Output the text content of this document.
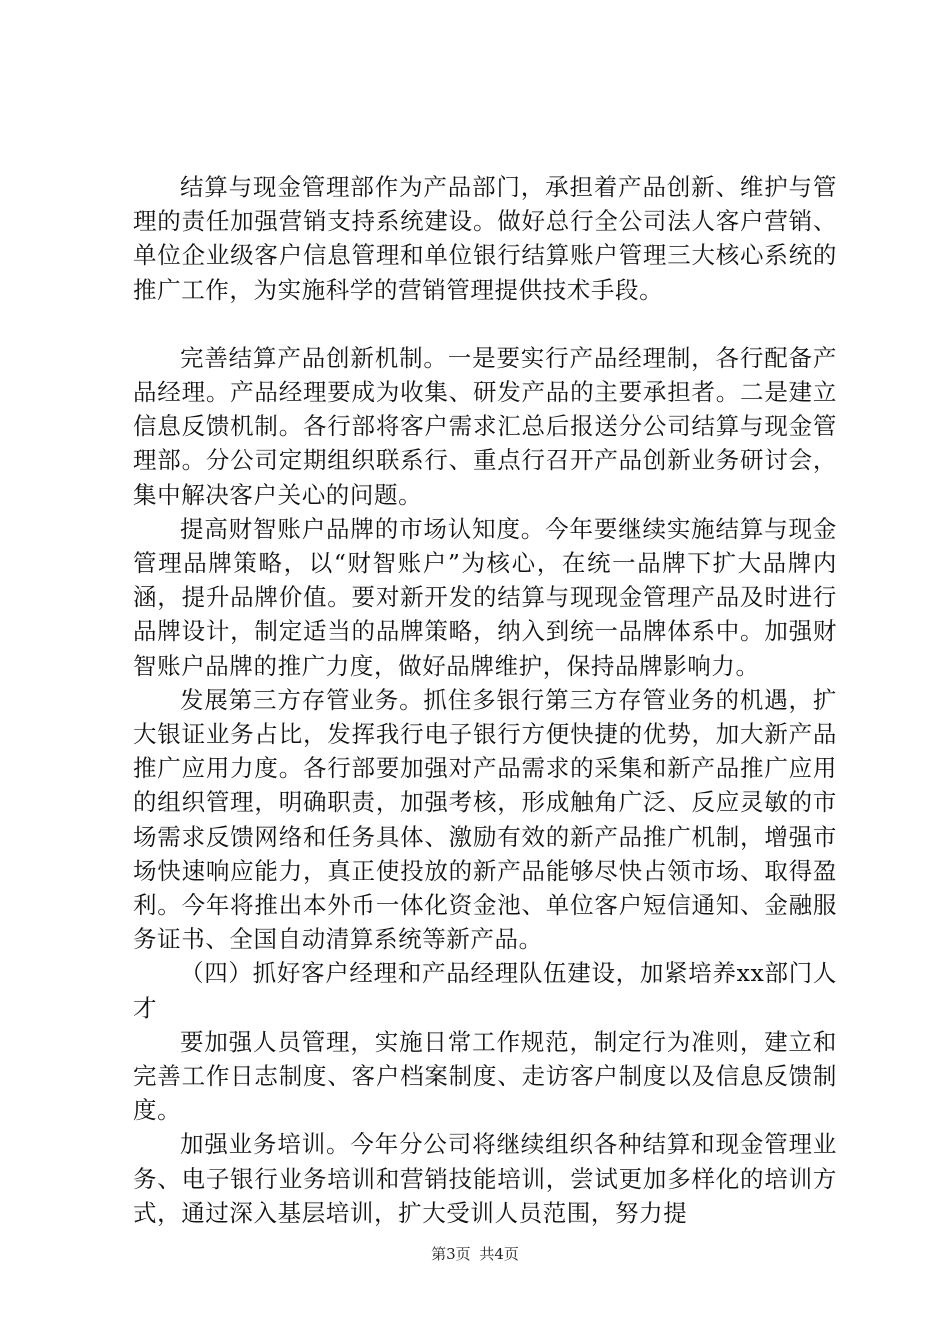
结算与现金管理部作为产品部门，承担着产品创新、维护与管理的责任加强营销支持系统建设。做好总行全公司法人客户营销、单位企业级客户信息管理和单位银行结算账户管理三大核心系统的推广工作，为实施科学的营销管理提供技术手段。

完善结算产品创新机制。一是要实行产品经理制，各行配备产品经理。产品经理要成为收集、研发产品的主要承担者。二是建立信息反馈机制。各行部将客户需求汇总后报送分公司结算与现金管理部。分公司定期组织联系行、重点行召开产品创新业务研讨会，集中解决客户关心的问题。

提高财智账户品牌的市场认知度。今年要继续实施结算与现金管理品牌策略，以“财智账户”为核心，在统一品牌下扩大品牌内涵，提升品牌价值。要对新开发的结算与现现金管理产品及时进行品牌设计，制定适当的品牌策略，纳入到统一品牌体系中。加强财智账户品牌的推广力度，做好品牌维护，保持品牌影响力。

发展第三方存管业务。抓住多银行第三方存管业务的机遇，扩大银证业务占比，发挥我行电子银行方便快捷的优势，加大新产品推广应用力度。各行部要加强对产品需求的采集和新产品推广应用的组织管理，明确职责，加强考核，形成触角广泛、反应灵敏的市场需求反馈网络和任务具体、激励有效的新产品推广机制，增强市场快速响应能力，真正使投放的新产品能够尽快占领市场、取得盈利。今年将推出本外币一体化资金池、单位客户短信通知、金融服务证书、全国自动清算系统等新产品。

（四）抓好客户经理和产品经理队伍建设，加紧培养xx部门人才

要加强人员管理，实施日常工作规范，制定行为准则，建立和完善工作日志制度、客户档案制度、走访客户制度以及信息反馈制度。

加强业务培训。今年分公司将继续组织各种结算和现金管理业务、电子银行业务培训和营销技能培训，尝试更加多样化的培训方式，通过深入基层培训，扩大受训人员范围，努力提

第3页 共4页
